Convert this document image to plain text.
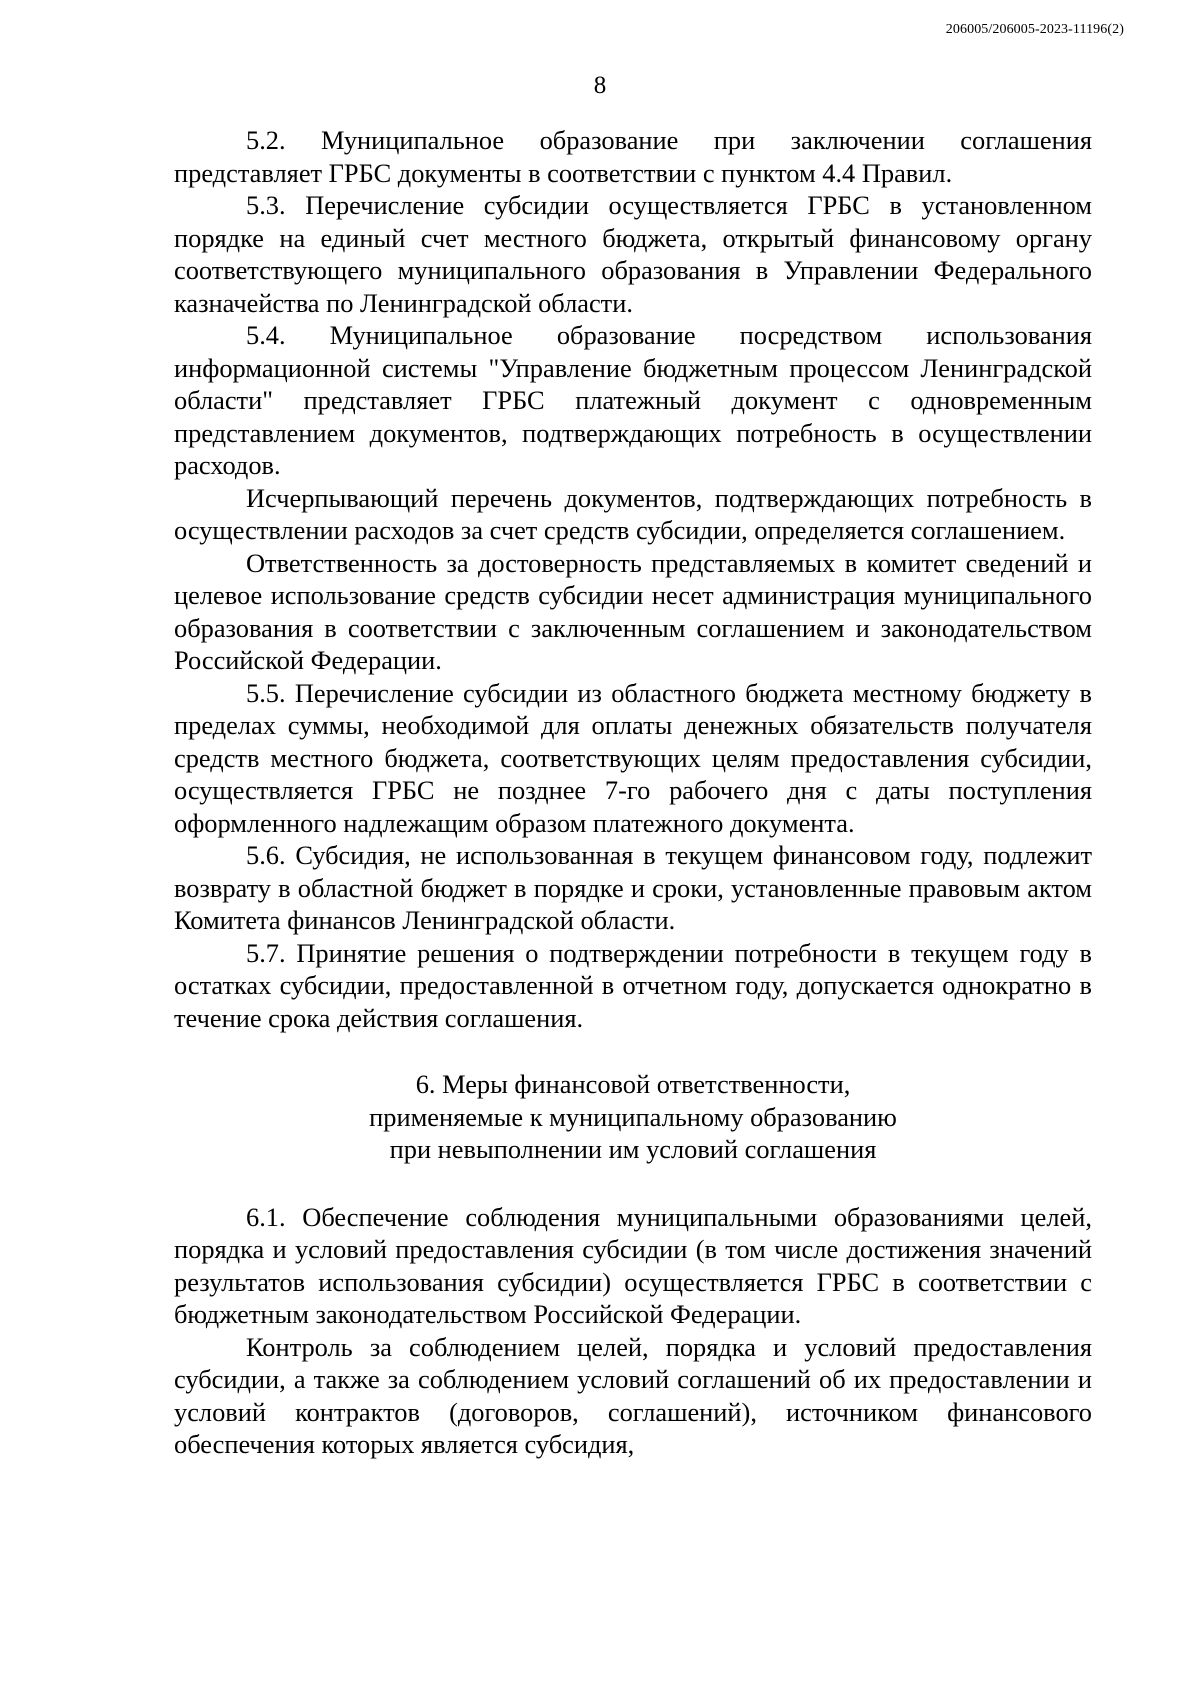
206005/206005-2023-11196(2)
8

5.2. Муниципальное образование при заключении соглашения представляет ГРБС документы в соответствии с пунктом 4.4 Правил.

5.3. Перечисление субсидии осуществляется ГРБС в установленном порядке на единый счет местного бюджета, открытый финансовому органу соответствующего муниципального образования в Управлении Федерального казначейства по Ленинградской области.

5.4. Муниципальное образование посредством использования информационной системы "Управление бюджетным процессом Ленинградской области" представляет ГРБС платежный документ с одновременным представлением документов, подтверждающих потребность в осуществлении расходов.

Исчерпывающий перечень документов, подтверждающих потребность в осуществлении расходов за счет средств субсидии, определяется соглашением.

Ответственность за достоверность представляемых в комитет сведений и целевое использование средств субсидии несет администрация муниципального образования в соответствии с заключенным соглашением и законодательством Российской Федерации.

5.5. Перечисление субсидии из областного бюджета местному бюджету в пределах суммы, необходимой для оплаты денежных обязательств получателя средств местного бюджета, соответствующих целям предоставления субсидии, осуществляется ГРБС не позднее 7-го рабочего дня с даты поступления оформленного надлежащим образом платежного документа.

5.6. Субсидия, не использованная в текущем финансовом году, подлежит возврату в областной бюджет в порядке и сроки, установленные правовым актом Комитета финансов Ленинградской области.

5.7. Принятие решения о подтверждении потребности в текущем году в остатках субсидии, предоставленной в отчетном году, допускается однократно в течение срока действия соглашения.

6. Меры финансовой ответственности,
применяемые к муниципальному образованию
при невыполнении им условий соглашения

6.1. Обеспечение соблюдения муниципальными образованиями целей, порядка и условий предоставления субсидии (в том числе достижения значений результатов использования субсидии) осуществляется ГРБС в соответствии с бюджетным законодательством Российской Федерации.

Контроль за соблюдением целей, порядка и условий предоставления субсидии, а также за соблюдением условий соглашений об их предоставлении и условий контрактов (договоров, соглашений), источником финансового обеспечения которых является субсидия,
